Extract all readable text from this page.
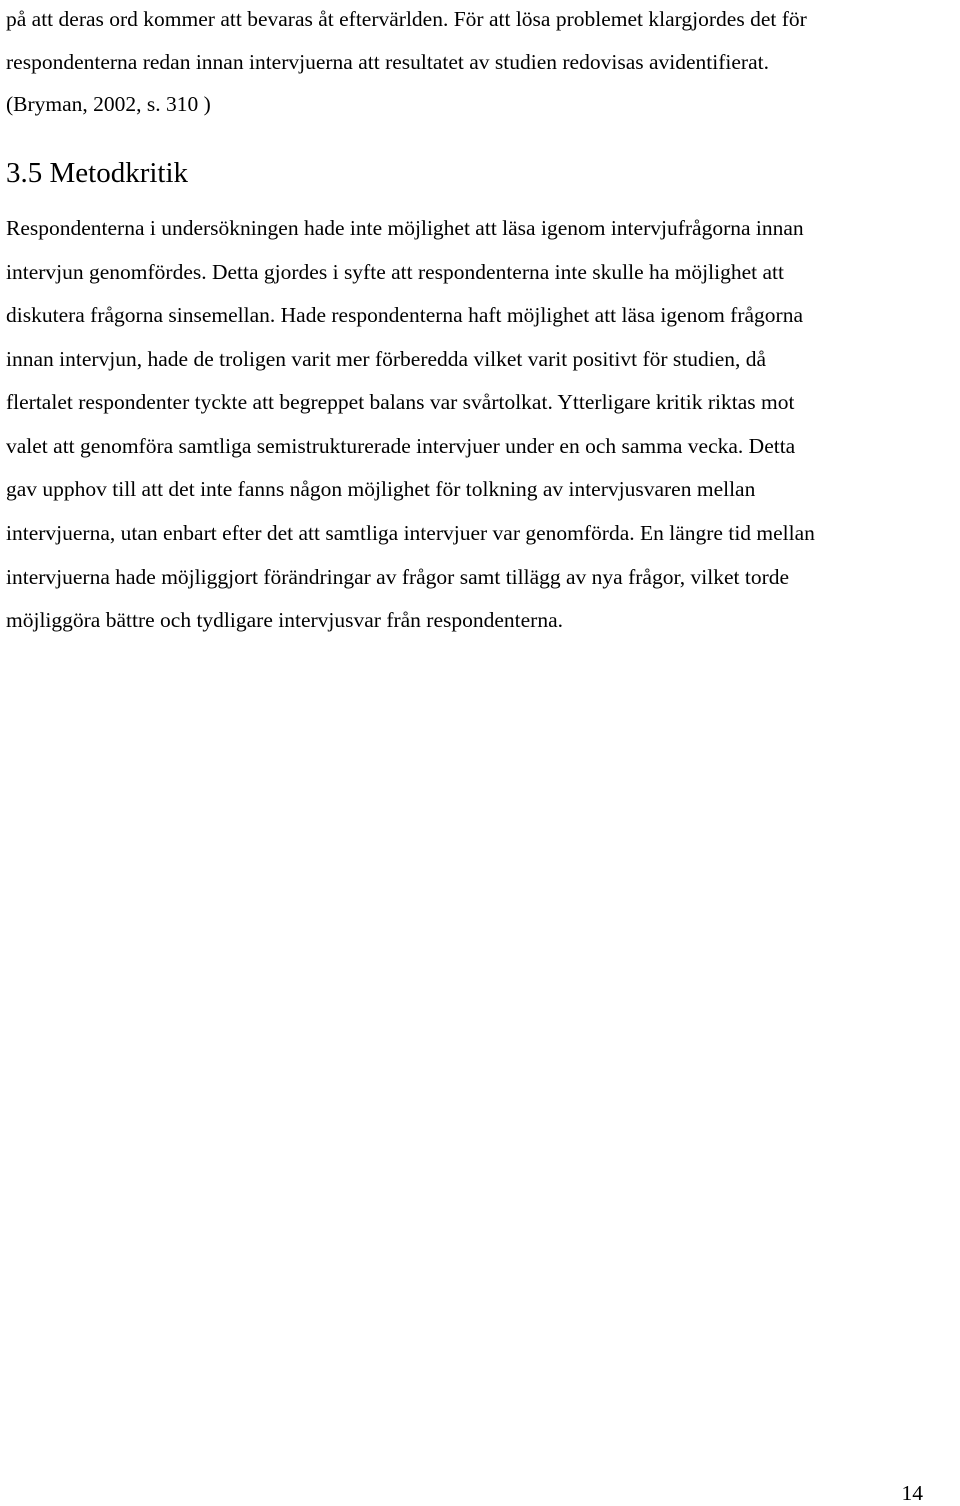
på att deras ord kommer att bevaras åt eftervärlden. För att lösa problemet klargjordes det för
respondenterna redan innan intervjuerna att resultatet av studien redovisas avidentifierat.
(Bryman, 2002, s. 310 )
3.5 Metodkritik
Respondenterna i undersökningen hade inte möjlighet att läsa igenom intervjufrågorna innan
intervjun genomfördes. Detta gjordes i syfte att respondenterna inte skulle ha möjlighet att
diskutera frågorna sinsemellan. Hade respondenterna haft möjlighet att läsa igenom frågorna
innan intervjun, hade de troligen varit mer förberedda vilket varit positivt för studien, då
flertalet respondenter tyckte att begreppet balans var svårtolkat. Ytterligare kritik riktas mot
valet att genomföra samtliga semistrukturerade intervjuer under en och samma vecka. Detta
gav upphov till att det inte fanns någon möjlighet för tolkning av intervjusvaren mellan
intervjuerna, utan enbart efter det att samtliga intervjuer var genomförda. En längre tid mellan
intervjuerna hade möjliggjort förändringar av frågor samt tillägg av nya frågor, vilket torde
möjliggöra bättre och tydligare intervjusvar från respondenterna.
14
